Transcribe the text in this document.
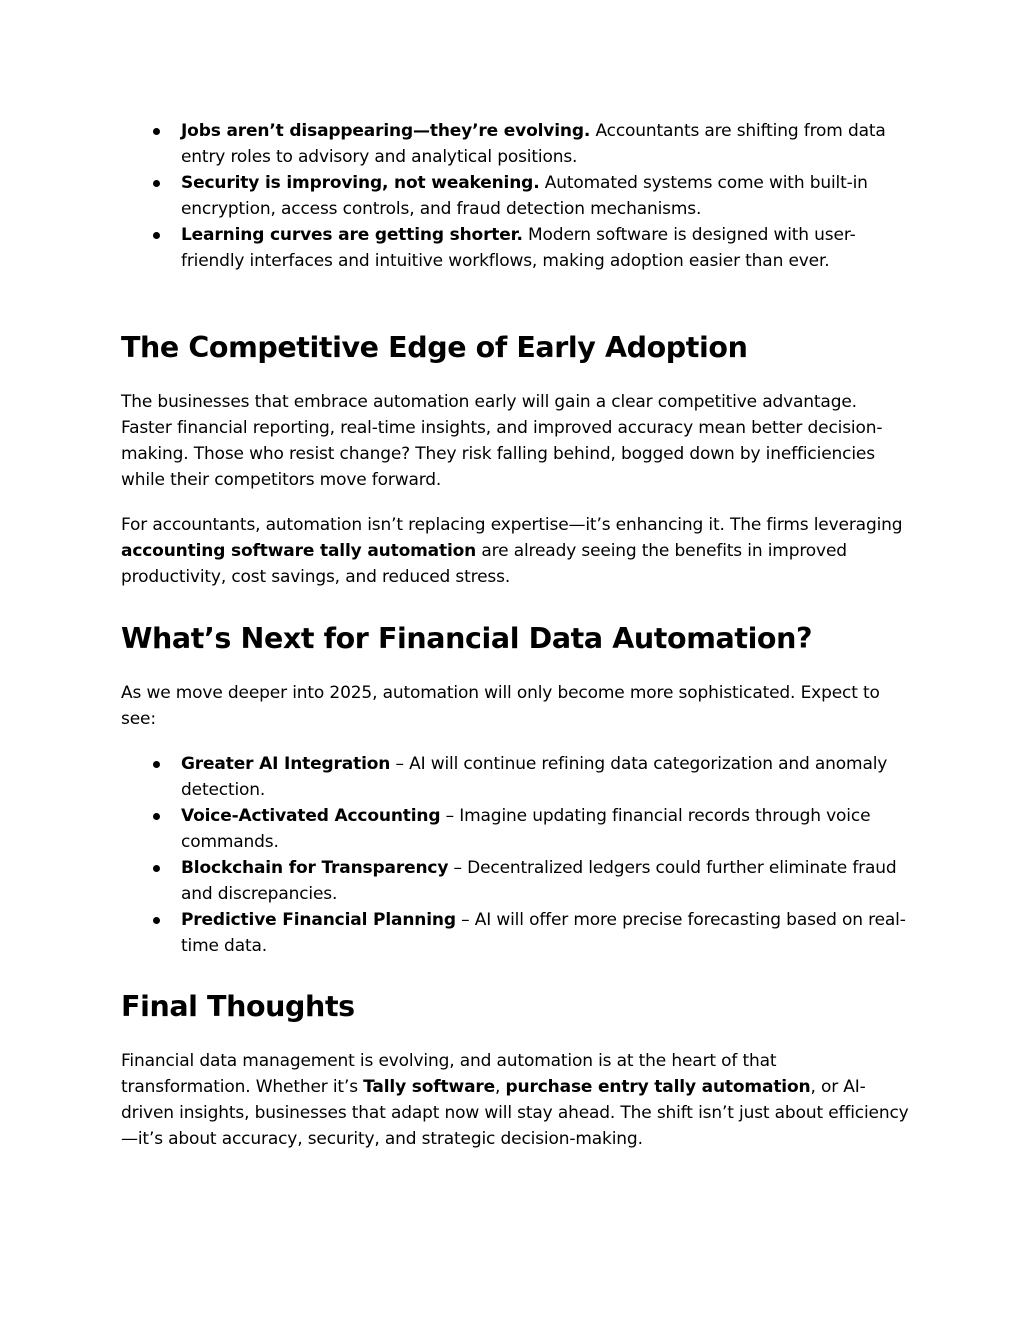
Jobs aren’t disappearing—they’re evolving. Accountants are shifting from data entry roles to advisory and analytical positions.
Security is improving, not weakening. Automated systems come with built-in encryption, access controls, and fraud detection mechanisms.
Learning curves are getting shorter. Modern software is designed with user-friendly interfaces and intuitive workflows, making adoption easier than ever.
The Competitive Edge of Early Adoption

The businesses that embrace automation early will gain a clear competitive advantage. Faster financial reporting, real-time insights, and improved accuracy mean better decision-making. Those who resist change? They risk falling behind, bogged down by inefficiencies while their competitors move forward.

For accountants, automation isn’t replacing expertise—it’s enhancing it. The firms leveraging accounting software tally automation are already seeing the benefits in improved productivity, cost savings, and reduced stress.

What’s Next for Financial Data Automation?

As we move deeper into 2025, automation will only become more sophisticated. Expect to see:

Greater AI Integration – AI will continue refining data categorization and anomaly detection.
Voice-Activated Accounting – Imagine updating financial records through voice commands.
Blockchain for Transparency – Decentralized ledgers could further eliminate fraud and discrepancies.
Predictive Financial Planning – AI will offer more precise forecasting based on real-time data.
Final Thoughts

Financial data management is evolving, and automation is at the heart of that transformation. Whether it’s Tally software, purchase entry tally automation, or AI-driven insights, businesses that adapt now will stay ahead. The shift isn’t just about efficiency—it’s about accuracy, security, and strategic decision-making.
